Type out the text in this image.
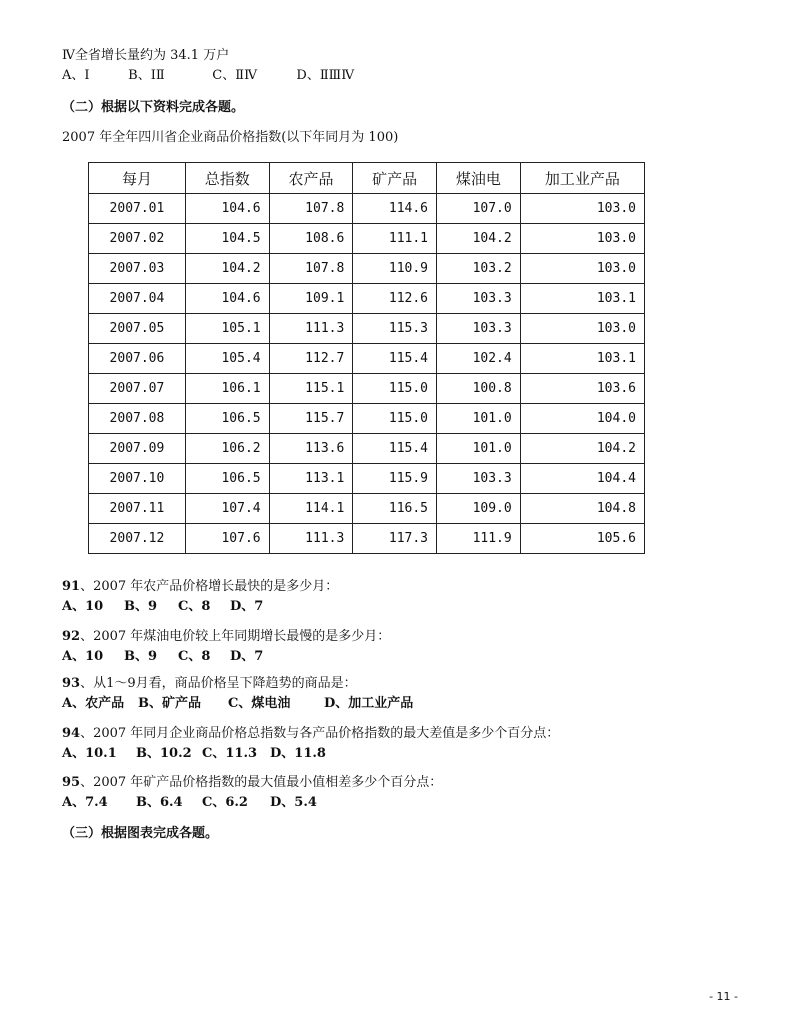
Ⅳ全省增长量约为 34.1 万户
A、Ⅰ	B、ⅠⅡ	C、ⅡⅣ	D、ⅡⅢⅣ
（二）根据以下资料完成各题。
2007 年全年四川省企业商品价格指数(以下年同月为 100)
每月	总指数	农产品	矿产品	煤油电	加工业产品
2007.01	104.6	107.8	114.6	107.0	103.0
2007.02	104.5	108.6	111.1	104.2	103.0
2007.03	104.2	107.8	110.9	103.2	103.0
2007.04	104.6	109.1	112.6	103.3	103.1
2007.05	105.1	111.3	115.3	103.3	103.0
2007.06	105.4	112.7	115.4	102.4	103.1
2007.07	106.1	115.1	115.0	100.8	103.6
2007.08	106.5	115.7	115.0	101.0	104.0
2007.09	106.2	113.6	115.4	101.0	104.2
2007.10	106.5	113.1	115.9	103.3	104.4
2007.11	107.4	114.1	116.5	109.0	104.8
2007.12	107.6	111.3	117.3	111.9	105.6
91、2007 年农产品价格增长最快的是多少月：
A、10 B、9 C、8 D、7
92、2007 年煤油电价较上年同期增长最慢的是多少月：
A、10 B、9 C、8 D、7
93、从1～9月看，商品价格呈下降趋势的商品是：
A、农产品 B、矿产品 C、煤电油	D、加工业产品
94、2007 年同月企业商品价格总指数与各产品价格指数的最大差值是多少个百分点：
A、10.1 B、10.2 C、11.3 D、11.8
95、2007 年矿产品价格指数的最大值最小值相差多少个百分点：
A、7.4 B、6.4 C、6.2 D、5.4
（三）根据图表完成各题。
- 11 -
